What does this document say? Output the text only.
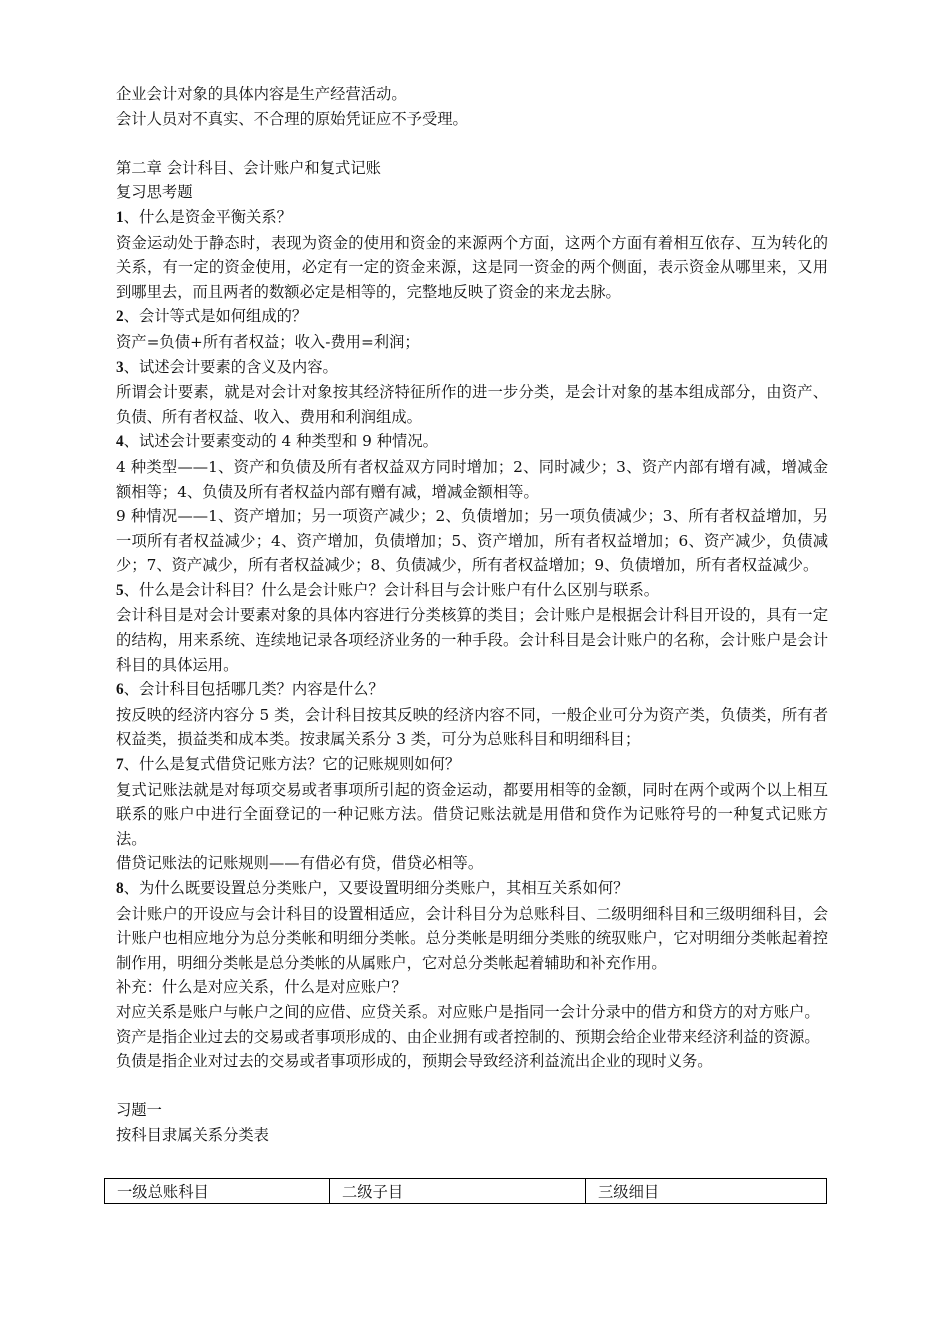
企业会计对象的具体内容是生产经营活动。

会计人员对不真实、不合理的原始凭证应不予受理。

第二章 会计科目、会计账户和复式记账

复习思考题

1、什么是资金平衡关系？

资金运动处于静态时，表现为资金的使用和资金的来源两个方面，这两个方面有着相互依存、互为转化的关系，有一定的资金使用，必定有一定的资金来源，这是同一资金的两个侧面，表示资金从哪里来，又用到哪里去，而且两者的数额必定是相等的，完整地反映了资金的来龙去脉。

2、会计等式是如何组成的？

资产=负债+所有者权益；收入-费用=利润；

3、试述会计要素的含义及内容。

所谓会计要素，就是对会计对象按其经济特征所作的进一步分类，是会计对象的基本组成部分，由资产、负债、所有者权益、收入、费用和利润组成。

4、试述会计要素变动的 4 种类型和 9 种情况。

4 种类型——1、资产和负债及所有者权益双方同时增加；2、同时减少；3、资产内部有增有减，增减金额相等；4、负债及所有者权益内部有赠有减，增减金额相等。

9 种情况——1、资产增加；另一项资产减少；2、负债增加；另一项负债减少；3、所有者权益增加，另一项所有者权益减少；4、资产增加，负债增加；5、资产增加，所有者权益增加；6、资产减少，负债减少；7、资产减少，所有者权益减少；8、负债减少，所有者权益增加；9、负债增加，所有者权益减少。

5、什么是会计科目？什么是会计账户？会计科目与会计账户有什么区别与联系。

会计科目是对会计要素对象的具体内容进行分类核算的类目；会计账户是根据会计科目开设的，具有一定的结构，用来系统、连续地记录各项经济业务的一种手段。会计科目是会计账户的名称，会计账户是会计科目的具体运用。

6、会计科目包括哪几类？内容是什么？

按反映的经济内容分 5 类，会计科目按其反映的经济内容不同，一般企业可分为资产类，负债类，所有者权益类，损益类和成本类。按隶属关系分 3 类，可分为总账科目和明细科目；

7、什么是复式借贷记账方法？它的记账规则如何？

复式记账法就是对每项交易或者事项所引起的资金运动，都要用相等的金额，同时在两个或两个以上相互联系的账户中进行全面登记的一种记账方法。借贷记账法就是用借和贷作为记账符号的一种复式记账方法。

借贷记账法的记账规则——有借必有贷，借贷必相等。

8、为什么既要设置总分类账户，又要设置明细分类账户，其相互关系如何？

会计账户的开设应与会计科目的设置相适应，会计科目分为总账科目、二级明细科目和三级明细科目，会计账户也相应地分为总分类帐和明细分类帐。总分类帐是明细分类账的统驭账户，它对明细分类帐起着控制作用，明细分类帐是总分类帐的从属账户，它对总分类帐起着辅助和补充作用。

补充：什么是对应关系，什么是对应账户？

对应关系是账户与帐户之间的应借、应贷关系。对应账户是指同一会计分录中的借方和贷方的对方账户。

资产是指企业过去的交易或者事项形成的、由企业拥有或者控制的、预期会给企业带来经济利益的资源。

负债是指企业对过去的交易或者事项形成的，预期会导致经济利益流出企业的现时义务。

习题一

按科目隶属关系分类表

一级总账科目	二级子目	三级细目
